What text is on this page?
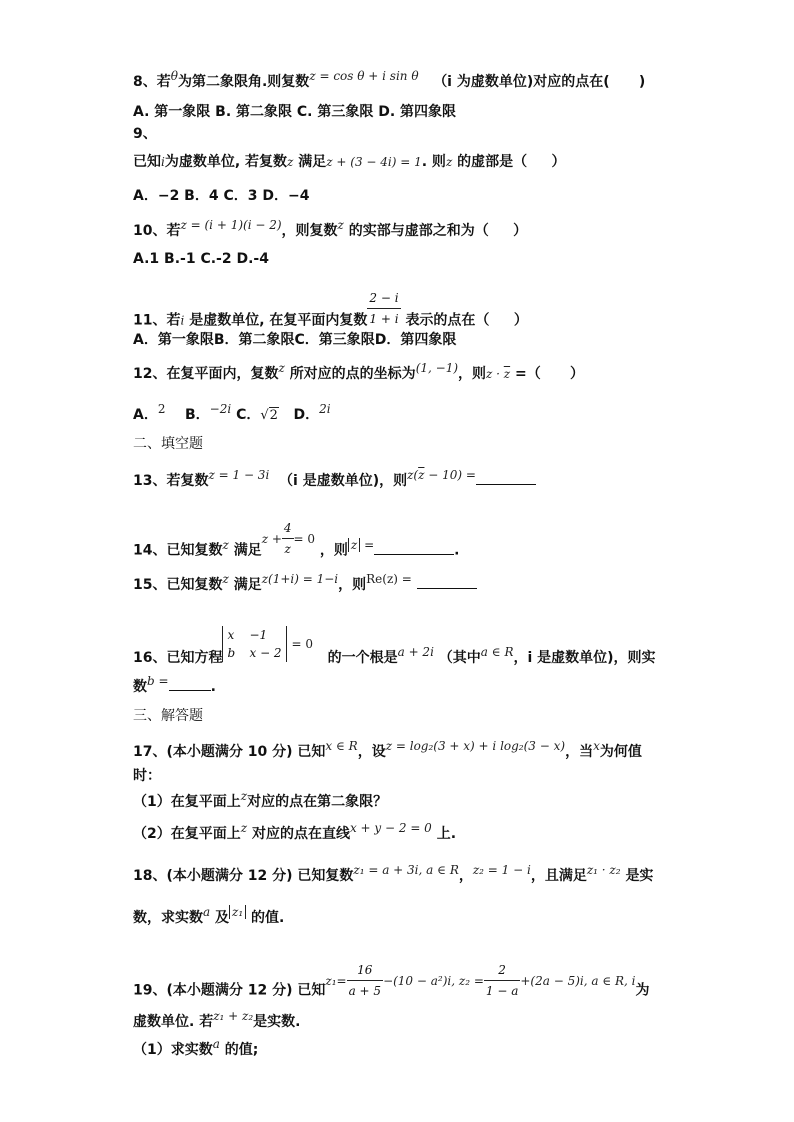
8、若θ为第二象限角.则复数z = cos θ + i sin θ （i 为虚数单位)对应的点在( )
A. 第一象限 B. 第二象限 C. 第三象限 D. 第四象限
9、
已知i为虚数单位, 若复数z 满足z + (3 − 4i) = 1. 则z 的虚部是（ ）
A．−2 B．4 C．3 D．−4
10、若z = (i + 1)(i − 2)，则复数z 的实部与虚部之和为（ ）
A.1 B.-1 C.-2 D.-4
11、若i 是虚数单位, 在复平面内复数 $\frac{2 - i}{1 + i}$ 表示的点在（ ）
A．第一象限B．第二象限C．第三象限D．第四象限
12、在复平面内，复数z 所对应的点的坐标为(1, −1)，则$z \cdot \overline{z}$ =（ ）
A．2 B．−2i C．√2 D．2i
二、填空题
13、若复数z = 1 − 3i （i 是虚数单位)，则$z(\overline{z} - 10)$ =
14、已知复数z 满足$z + \frac{4}{z} = 0$ ，则 z =	.
15、已知复数z 满足z(1+i) = 1−i，则Re(z) =
16、已知方程x −1
b x − 2 = 0   的一个根是a + 2i （其中a ∈ R，i 是虚数单位)，则实
数b =	.
三、解答题
17、(本小题满分 10 分) 已知x ∈ R，设z = log₂(3 + x) + i log₂(3 − x)，当x为何值
时：
（1）在复平面上z对应的点在第二象限？
（2）在复平面上z 对应的点在直线x + y − 2 = 0 上.
18、(本小题满分 12 分) 已知复数z₁ = a + 3i, a ∈ R，z₂ = 1 − i，且满足z₁ · z₂ 是实
数，求实数a 及 z₁ 的值.
19、(本小题满分 12 分) 已知$z_1= \frac{16}{a + 5} -(10 - a^2)i$, $z_2 = \frac{2}{1 - a} +(2a - 5)i$, a ∈ R, i为
虚数单位. 若z₁ + z₂是实数.
（1）求实数a 的值;
